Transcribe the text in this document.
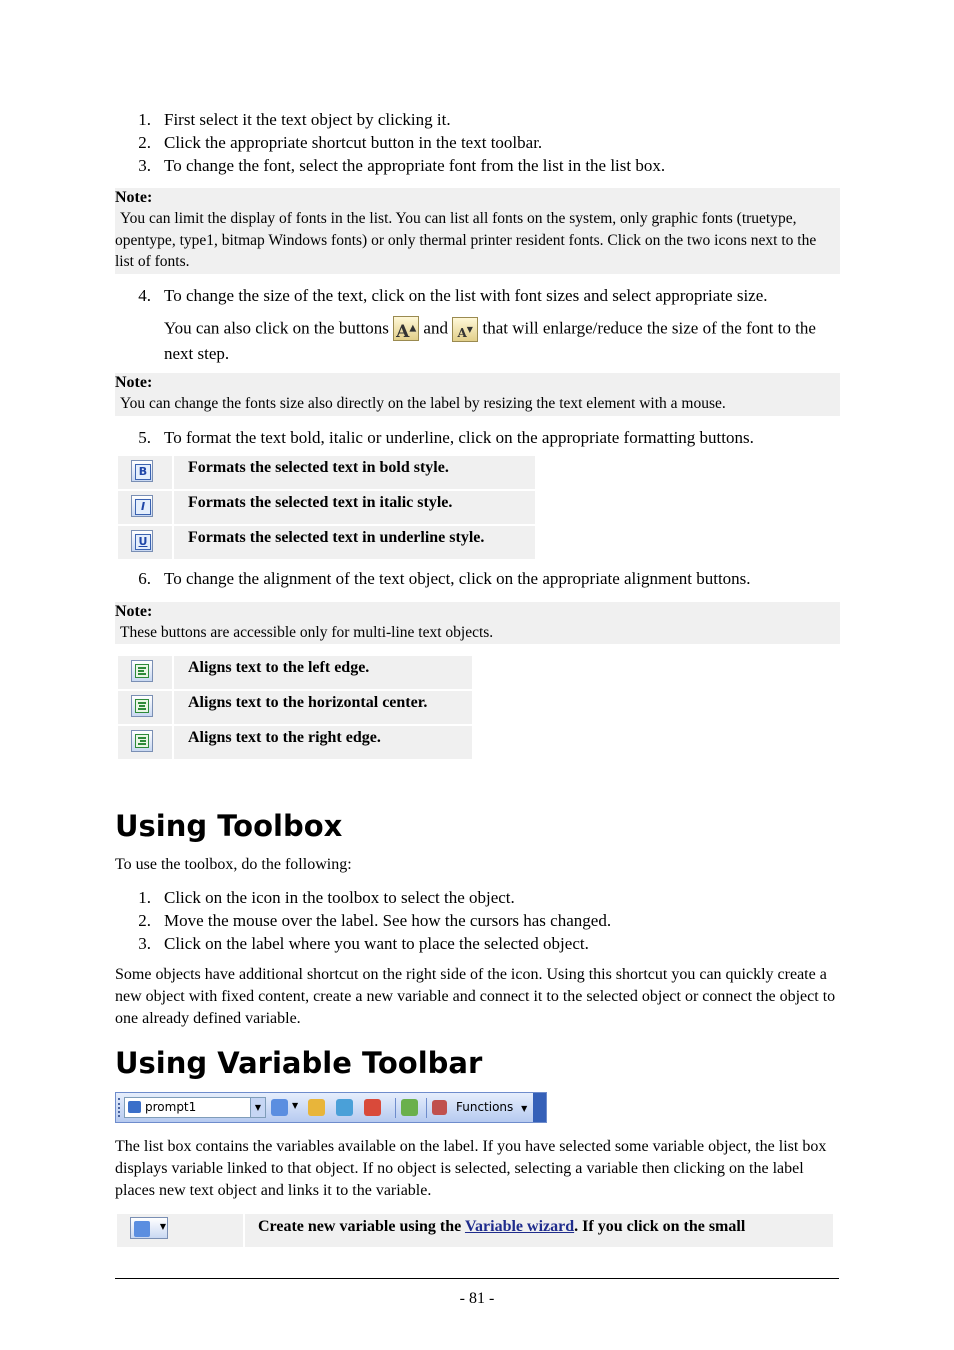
1. First select it the text object by clicking it.
2. Click the appropriate shortcut button in the text toolbar.
3. To change the font, select the appropriate font from the list in the list box.
Note:
You can limit the display of fonts in the list. You can list all fonts on the system, only graphic fonts (truetype, opentype, type1, bitmap Windows fonts) or only thermal printer resident fonts. Click on the two icons next to the list of fonts.
4. To change the size of the text, click on the list with font sizes and select appropriate size.
You can also click on the buttons A▲ and A▼ that will enlarge/reduce the size of the font to the next step.
Note:
You can change the fonts size also directly on the label by resizing the text element with a mouse.
5. To format the text bold, italic or underline, click on the appropriate formatting buttons.
B	Formats the selected text in bold style.

I	Formats the selected text in italic style.

U	Formats the selected text in underline style.
6. To change the alignment of the text object, click on the appropriate alignment buttons.
Note:
These buttons are accessible only for multi-line text objects.
	Aligns text to the left edge.

	Aligns text to the horizontal center.

	Aligns text to the right edge.
Using Toolbox
To use the toolbox, do the following:
1. Click on the icon in the toolbox to select the object.
2. Move the mouse over the label. See how the cursors has changed.
3. Click on the label where you want to place the selected object.
Some objects have additional shortcut on the right side of the icon. Using this shortcut you can quickly create a new object with fixed content, create a new variable and connect it to the selected object or connect the object to one already defined variable.
Using Variable Toolbar
prompt1	▼	▼	Functions ▼
The list box contains the variables available on the label. If you have selected some variable object, the list box displays variable linked to that object. If no object is selected, selecting a variable then clicking on the label places new text object and links it to the variable.
▼	Create new variable using the Variable wizard. If you click on the small
- 81 -
